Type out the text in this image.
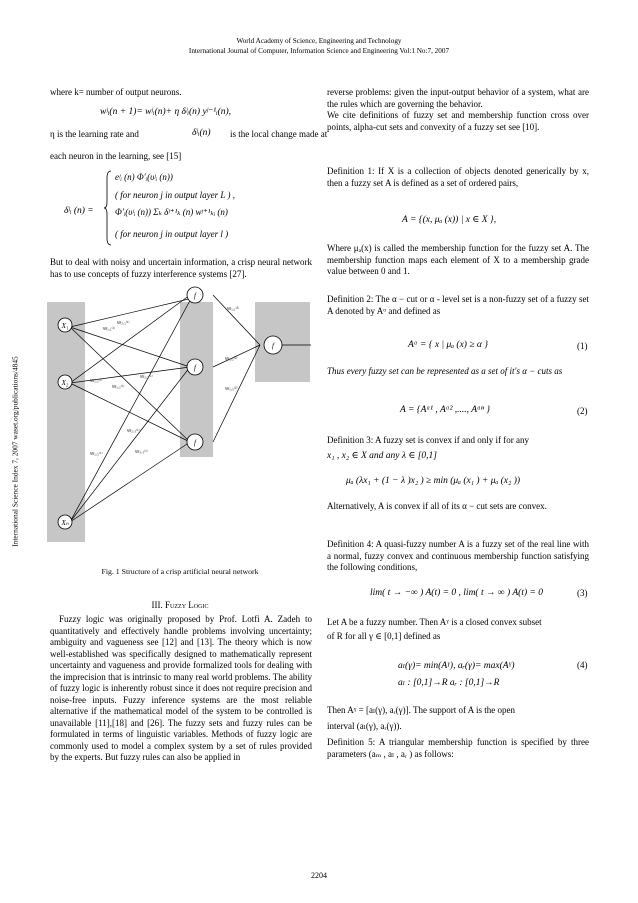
World Academy of Science, Engineering and Technology
International Journal of Computer, Information Science and Engineering Vol:1 No:7, 2007
International Science Index 7, 2007 waset.org/publications/4845
where k= number of output neurons.
wʲᵢ(n + 1)= wʲᵢ(n)+ η δʲᵢ(n) yʲ⁻¹ᵢ(n),
η is the learning rate and	δʲᵢ(n) is the local change made at
each neuron in the learning, see [15]
δʲᵢ (n) =
eʲᵢ (n) Φ′ᵢ(υʲᵢ (n))
( for neuron j in output layer L ) ,
Φ′ᵢ(υʲᵢ (n)) Σₖ δʲ⁺¹ₖ (n) wʲ⁺¹ₖᵢ (n)
( for neuron j in output layer l )
But to deal with noisy and uncertain information, a crisp neural network has to use concepts of fuzzy interference systems [27].
X₁
X₂
Xₙ
f
f
f
f
W₁,₁⁽¹⁾
W₂,₁⁽¹⁾
W₁,₂⁽¹⁾
W₂,₂⁽¹⁾
W₁,₂⁽¹⁾
W₁,₃⁽¹⁾
W₂,₃⁽¹⁾
W₃,₃⁽¹⁾
W₁,₁⁽²⁾
W₁,₂⁽²⁾
W₁,₃⁽²⁾
Fig. 1 Structure of a crisp artificial neural network
III. Fuzzy Logic
Fuzzy logic was originally proposed by Prof. Lotfi A. Zadeh to quantitatively and effectively handle problems involving uncertainty; ambiguity and vagueness see [12] and [13]. The theory which is now well-established was specifically designed to mathematically represent uncertainty and vagueness and provide formalized tools for dealing with the imprecision that is intrinsic to many real world problems. The ability of fuzzy logic is inherently robust since it does not require precision and noise-free inputs. Fuzzy inference systems are the most reliable alternative if the mathematical model of the system to be controlled is unavailable [11],[18] and [26]. The fuzzy sets and fuzzy rules can be formulated in terms of linguistic variables. Methods of fuzzy logic are commonly used to model a complex system by a set of rules provided by the experts. But fuzzy rules can also be applied in
reverse problems: given the input-output behavior of a system, what are the rules which are governing the behavior.
We cite definitions of fuzzy set and membership function cross over points, alpha-cut sets and convexity of a fuzzy set see [10].
Definition 1: If X is a collection of objects denoted generically by x, then a fuzzy set A is defined as a set of ordered pairs,
A = {(x, μₐ (x)) | x ∈ X },
Where μₐ(x) is called the membership function for the fuzzy set A. The membership function maps each element of X to a membership grade value between 0 and 1.
Definition 2: The α − cut or α - level set is a non-fuzzy set of a fuzzy set A denoted by Aᵅ and defined as
Aᵅ = { x | μₐ (x) ≥ α }	(1)
Thus every fuzzy set can be represented as a set of it's α − cuts as
A = {Aᵅ¹ , Aᵅ² ,...., Aᵅⁿ }	(2)
Definition 3: A fuzzy set is convex if and only if for any
x₁ , x₂ ∈ X and any λ ∈ [0,1]
μₐ (λx₁ + (1 − λ )x₂ ) ≥ min (μₐ (x₁ ) + μₐ (x₂ ))
Alternatively, A is convex if all of its α − cut sets are convex.
Definition 4: A quasi-fuzzy number A is a fuzzy set of the real line with a normal, fuzzy convex and continuous membership function satisfying the following conditions,
lim( t → −∞ ) A(t) = 0 , lim( t → ∞ ) A(t) = 0	(3)
Let A be a fuzzy number. Then Aˠ is a closed convex subset
of R for all γ ∈ [0,1] defined as
aₗ(γ)= min(Aˠ), aᵣ(γ)= max(Aˠ)
aₗ : [0,1]→R aᵣ : [0,1]→R
(4)
Then Aˠ = [aₗ(γ), aᵣ(γ)]. The support of A is the open
interval (aₗ(γ), aᵣ(γ)).
Definition 5: A triangular membership function is specified by three parameters (aₘ , aₗ , aᵣ ) as follows:
2204
